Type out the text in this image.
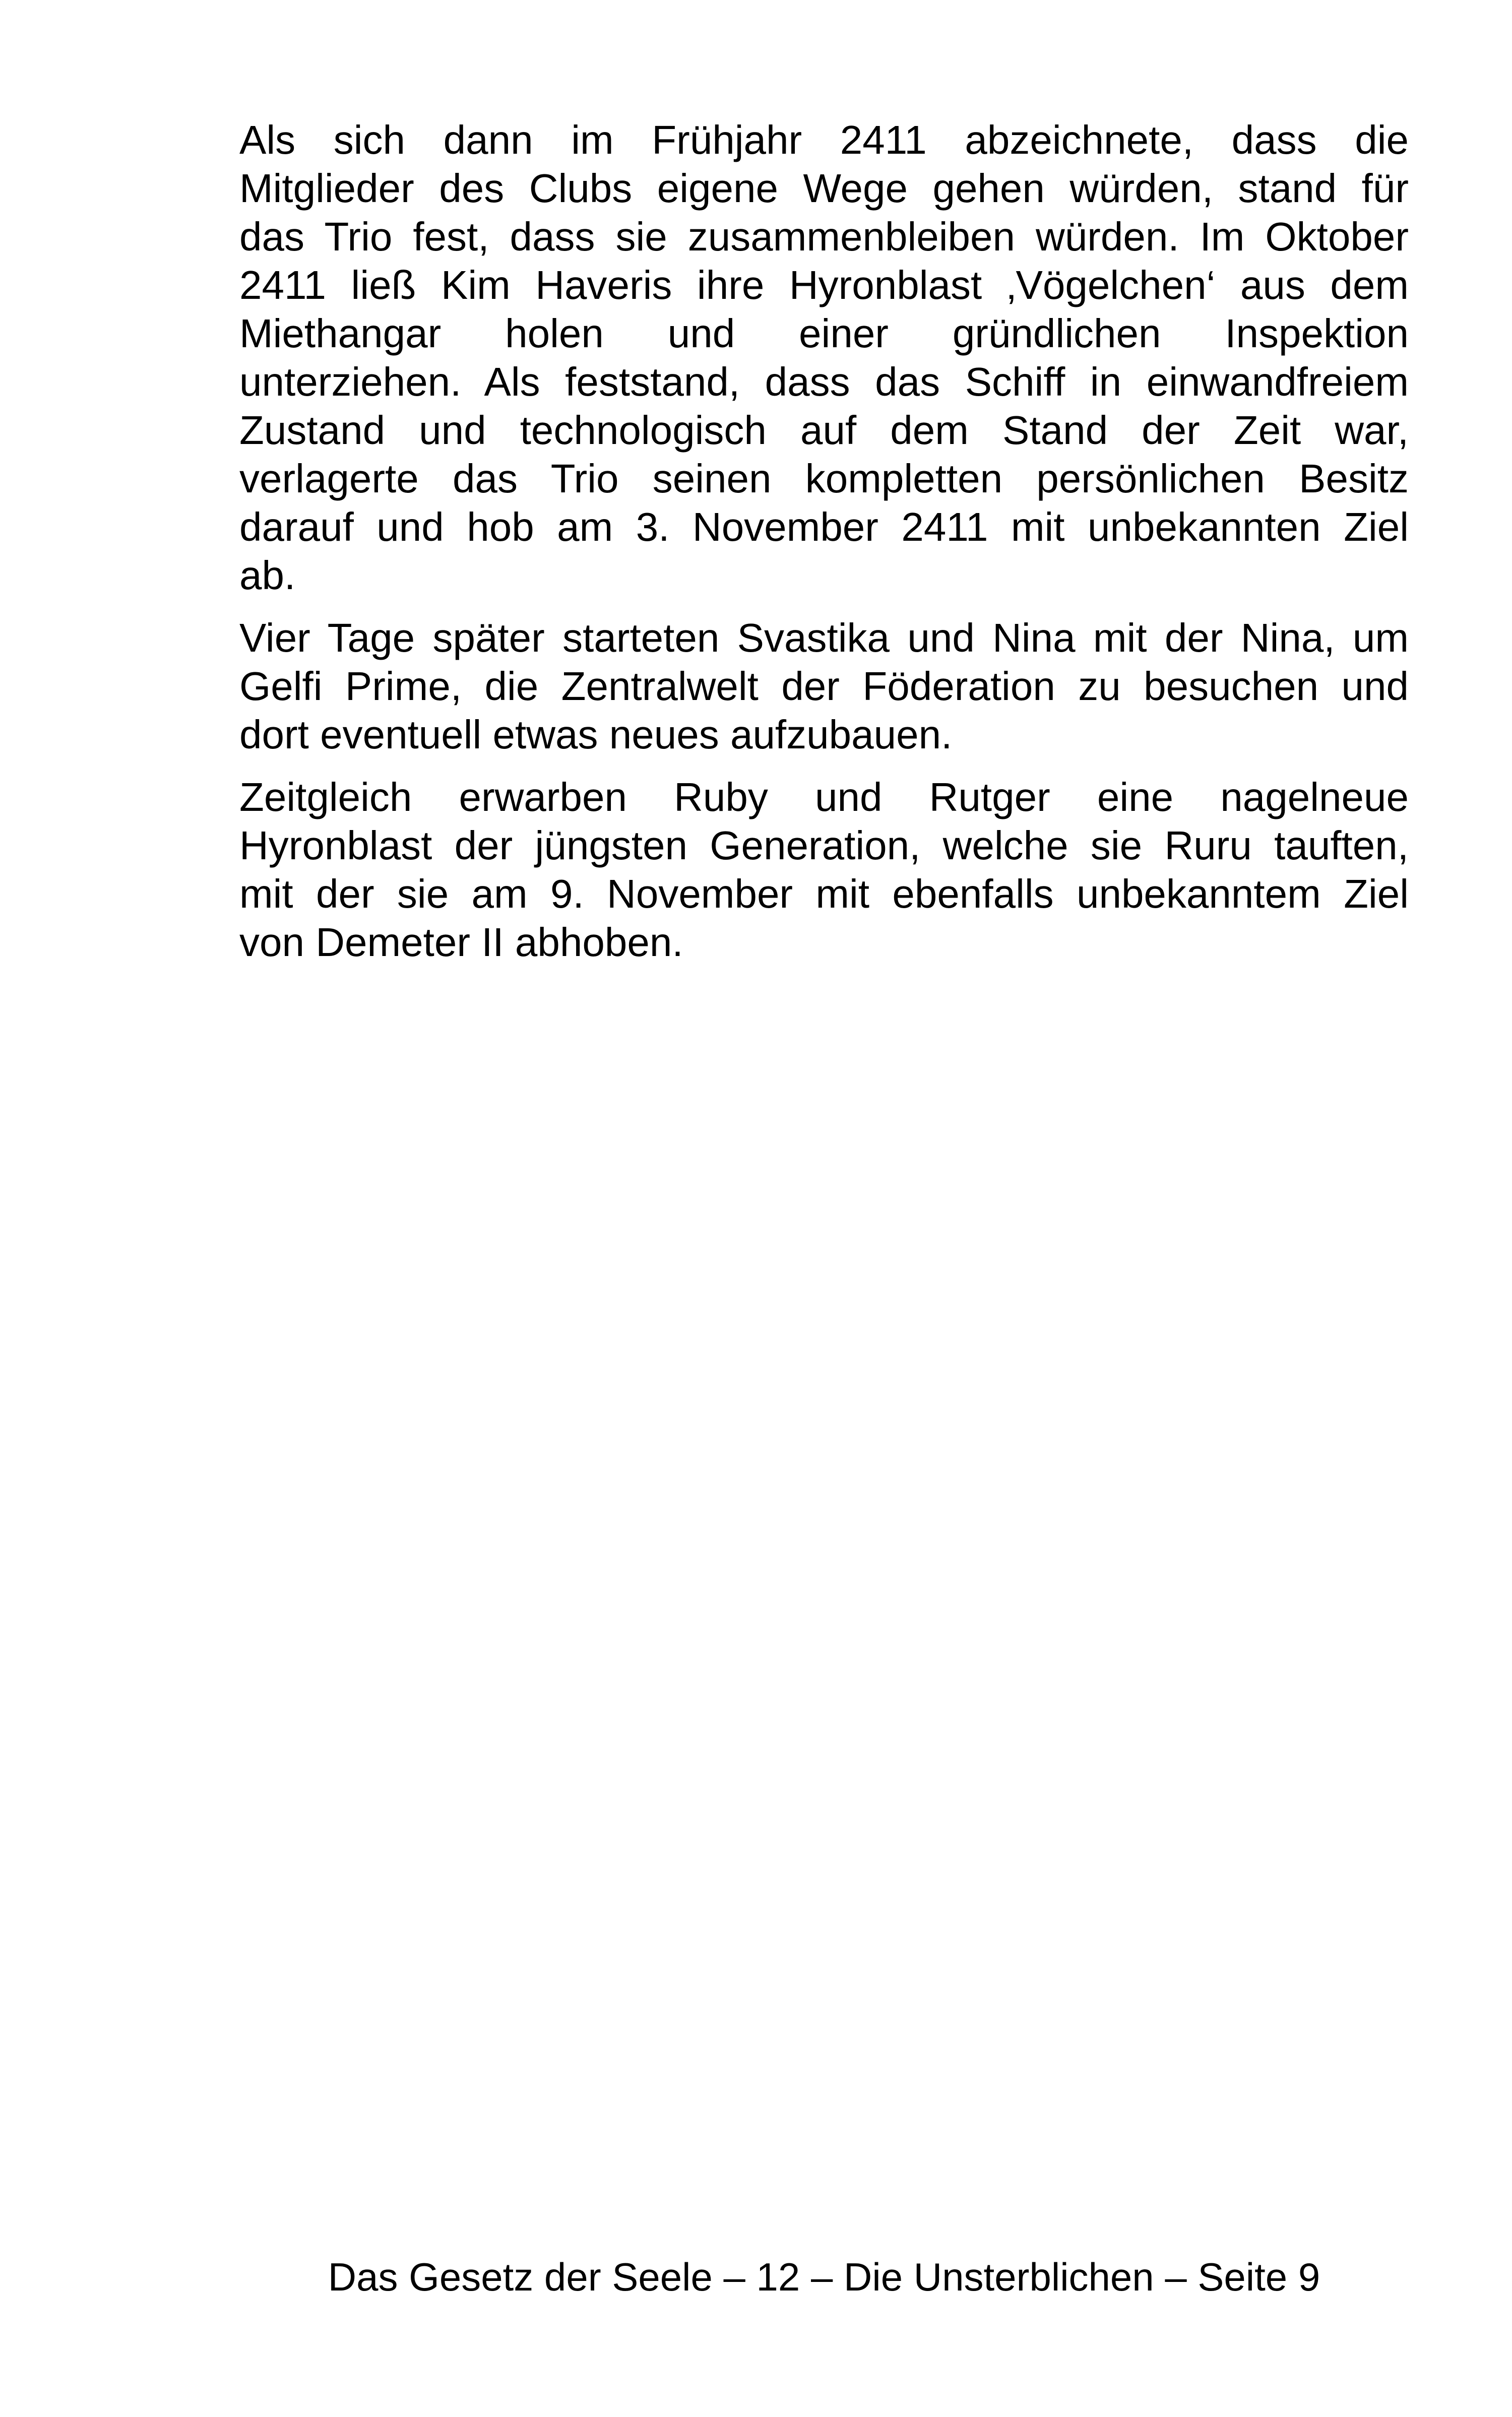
Als sich dann im Frühjahr 2411 abzeichnete, dass die
Mitglieder des Clubs eigene Wege gehen würden, stand für
das Trio fest, dass sie zusammenbleiben würden. Im Oktober
2411 ließ Kim Haveris ihre Hyronblast ‚Vögelchen‘ aus dem
Miethangar holen und einer gründlichen Inspektion
unterziehen. Als feststand, dass das Schiff in einwandfreiem
Zustand und technologisch auf dem Stand der Zeit war,
verlagerte das Trio seinen kompletten persönlichen Besitz
darauf und hob am 3. November 2411 mit unbekannten Ziel
ab.

Vier Tage später starteten Svastika und Nina mit der Nina, um
Gelfi Prime, die Zentralwelt der Föderation zu besuchen und
dort eventuell etwas neues aufzubauen.

Zeitgleich erwarben Ruby und Rutger eine nagelneue
Hyronblast der jüngsten Generation, welche sie Ruru tauften,
mit der sie am 9. November mit ebenfalls unbekanntem Ziel
von Demeter II abhoben.

Das Gesetz der Seele – 12 – Die Unsterblichen – Seite 9
